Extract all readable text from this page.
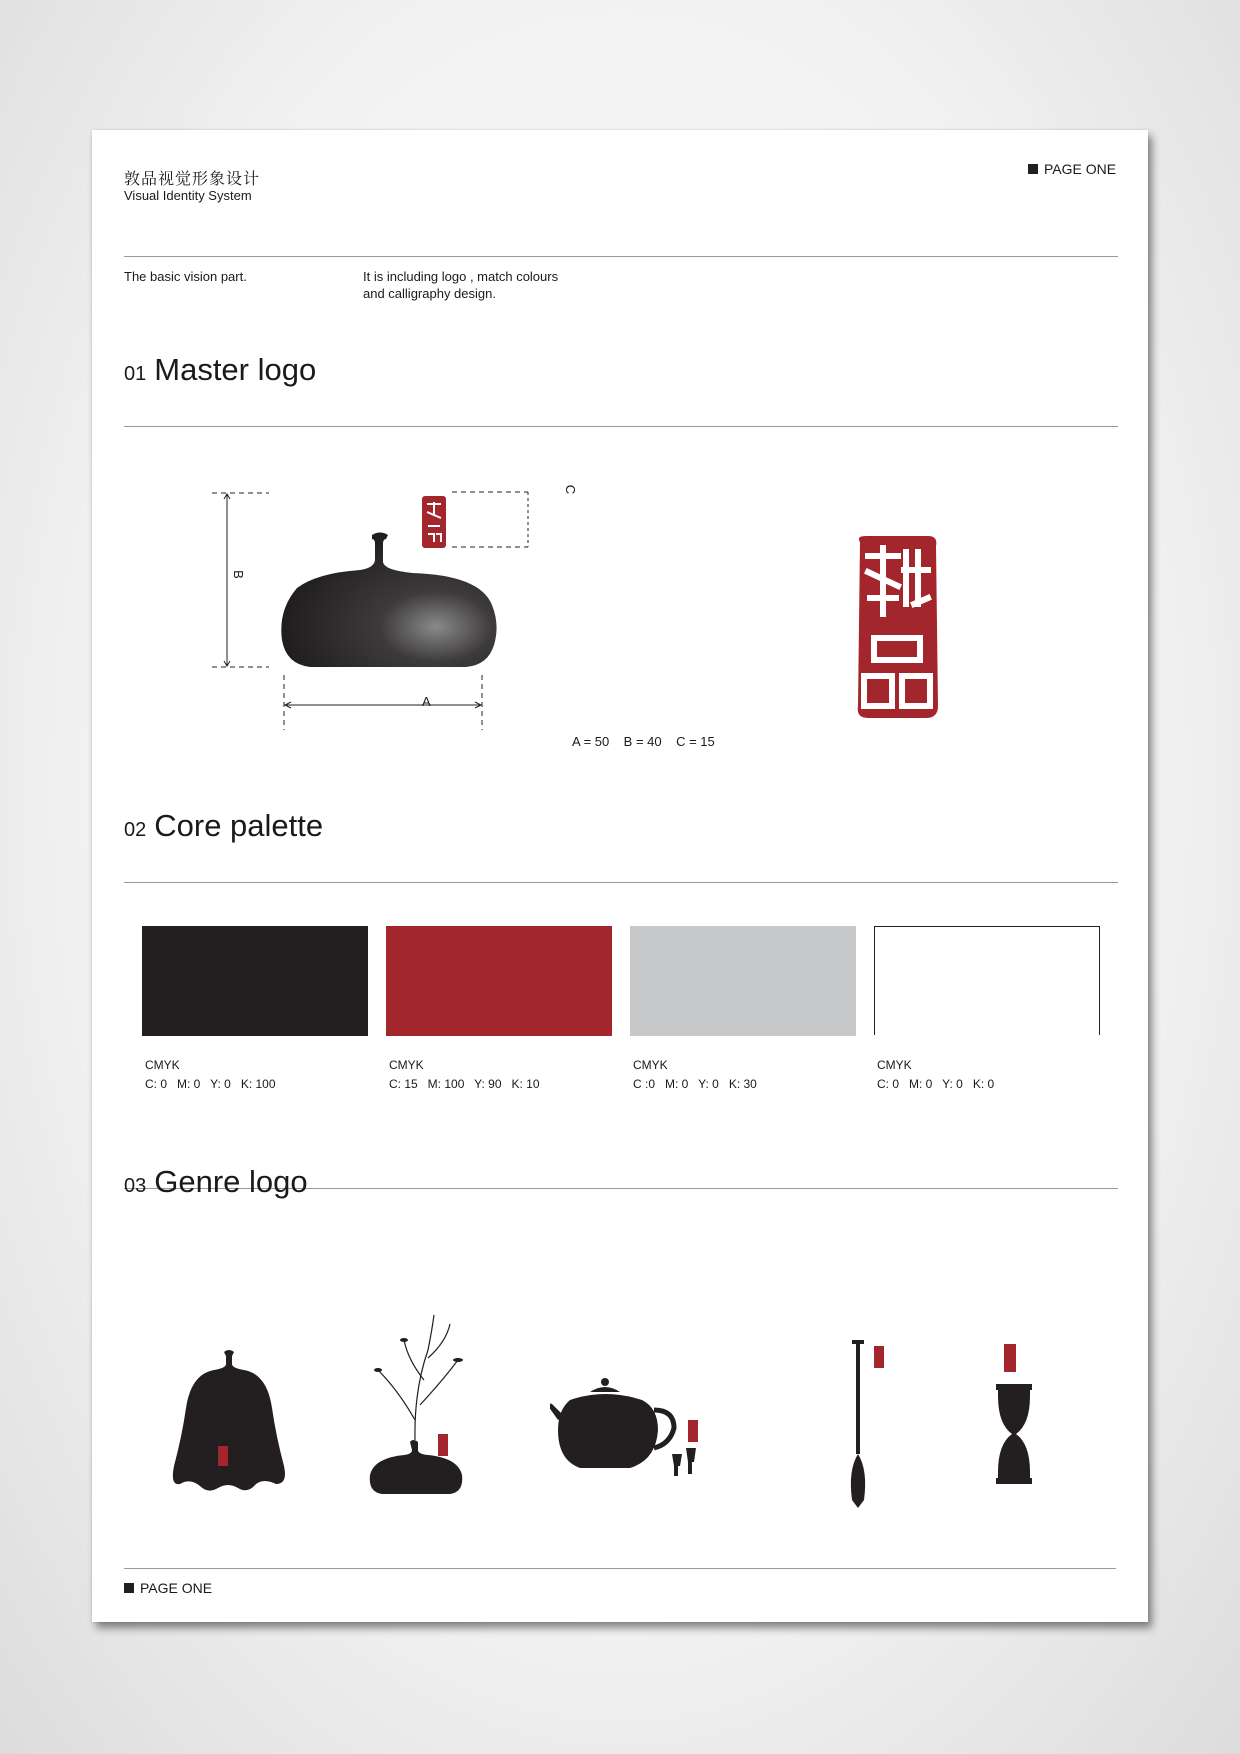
敦品视觉形象设计
Visual Identity System
PAGE ONE
The basic vision part.	It is including logo , match colours
and calligraphy design.
01 Master logo
B
A
C
A = 50    B = 40    C = 15
02 Core palette
CMYK
C: 0   M: 0   Y: 0   K: 100
CMYK
C: 15   M: 100   Y: 90   K: 10
CMYK
C :0   M: 0   Y: 0   K: 30
CMYK
C: 0   M: 0   Y: 0   K: 0
03 Genre logo
PAGE ONE
